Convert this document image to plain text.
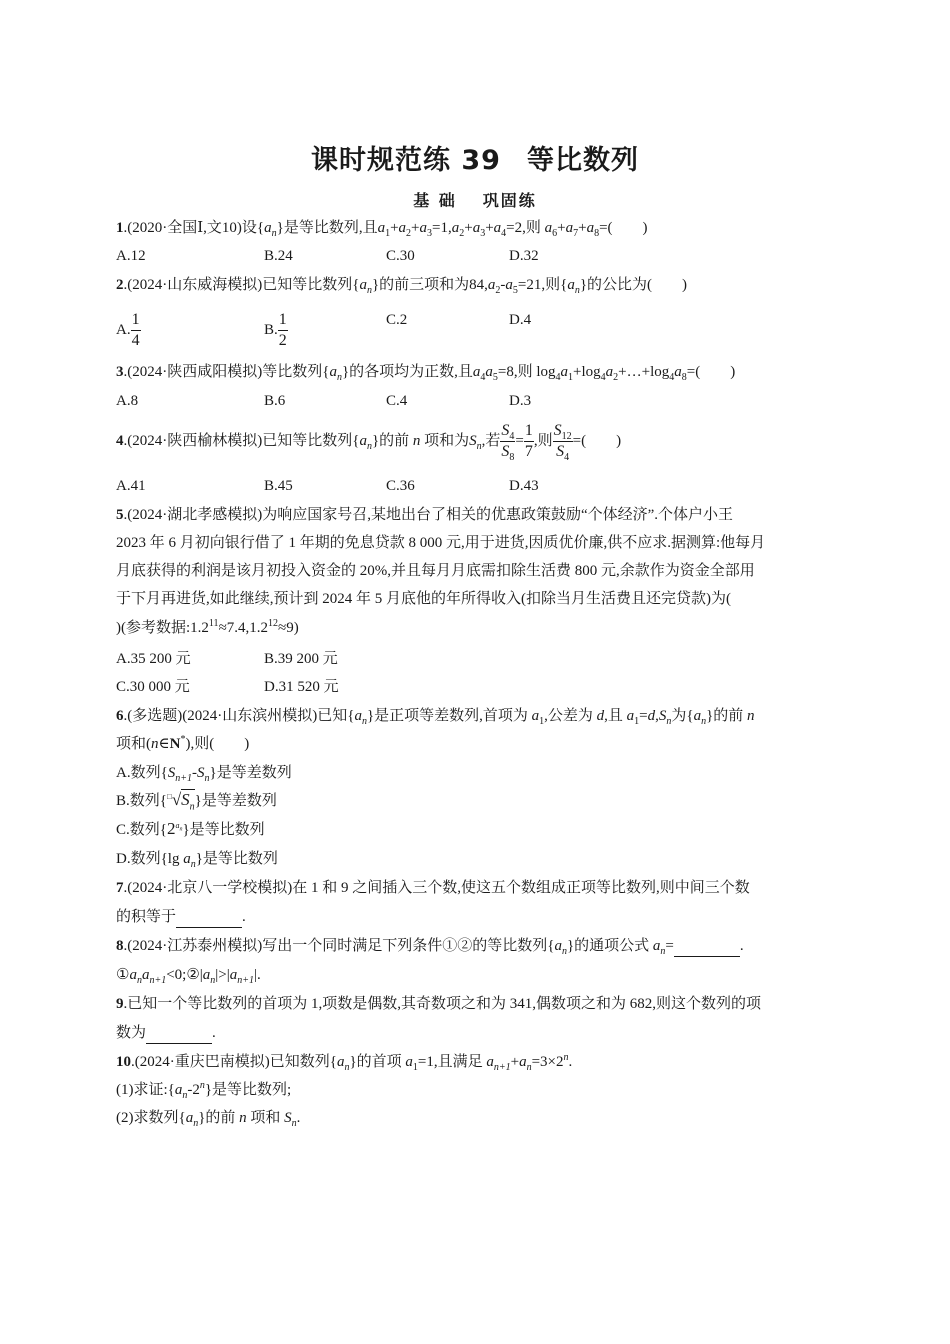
课时规范练 39 等比数列
基 础 巩固练
1.(2020·全国Ⅰ,文10)设$\{a_n\}$是等比数列,且$a_1+a_2+a_3=1,a_2+a_3+a_4=2$,则 $a_6+a_7+a_8=$(　　)
A.12	B.24	C.30	D.32
2.(2024·山东威海模拟)已知等比数列$\{a_n\}$的前三项和为$84,a_2-a_5=21$,则$\{a_n\}$的公比为(　　)
A. $\frac{1}{4}$	B. $\frac{1}{2}$	C.2	D.4
3.(2024·陕西咸阳模拟)等比数列$\{a_n\}$的各项均为正数,且$a_4a_5=8$,则 $\log_4a_1+\log_4a_2+\dots+\log_4a_8=$(　　)
A.8	B.6	C.4	D.3
4.(2024·陕西榆林模拟)已知等比数列$\{a_n\}$的前 n 项和为$S_n$,若 $\frac{S_4}{S_8} = \frac{1}{7}$ ,则 $\frac{S_{12}}{S_4}$ =(　　)
A.41	B.45	C.36	D.43
5.(2024·湖北孝感模拟)为响应国家号召,某地出台了相关的优惠政策鼓励“个体经济”.个体户小王
2023 年 6 月初向银行借了 1 年期的免息贷款 8 000 元,用于进货,因质优价廉,供不应求.据测算:他每月
月底获得的利润是该月初投入资金的 20%,并且每月月底需扣除生活费 800 元,余款作为资金全部用
于下月再进货,如此继续,预计到 2024 年 5 月底他的年所得收入(扣除当月生活费且还完贷款)为(
)(参考数据$:1.2^{11}\approx 7.4,1.2^{12}\approx 9$)
A.35 200 元	B.39 200 元
C.30 000 元	D.31 520 元
6.(多选题)(2024·山东滨州模拟)已知$\{a_n\}$是正项等差数列,首项为 $a_1$,公差为 d,且 $a_1=d,S_n$为$\{a_n\}$的前 n
项和(n∈N*),则(　　)
A.数列$\{S_{n+1}-S_n\}$是等差数列
B.数列$\{^□√S_n\}$是等差数列
C.数列$\{2^{a_n}\}$是等比数列
D.数列{lg $a_n$}是等比数列
7.(2024·北京八一学校模拟)在 1 和 9 之间插入三个数,使这五个数组成正项等比数列,则中间三个数
的积等于	.
8.(2024·江苏泰州模拟)写出一个同时满足下列条件①②的等比数列$\{a_n\}$的通项公式 $a_n=$	.
$①a_na_{n+1}<0;②|a_n|>|a_{n+1}|$.
9.已知一个等比数列的首项为 1,项数是偶数,其奇数项之和为 341,偶数项之和为 682,则这个数列的项
数为	.
10.(2024·重庆巴南模拟)已知数列$\{a_n\}$的首项 $a_1=1$,且满足 $a_{n+1}+a_n=3\times 2^n$.
(1)求证$:\{a_n-2^n\}$是等比数列;
(2)求数列$\{a_n\}$的前 n 项和 $S_n$.
